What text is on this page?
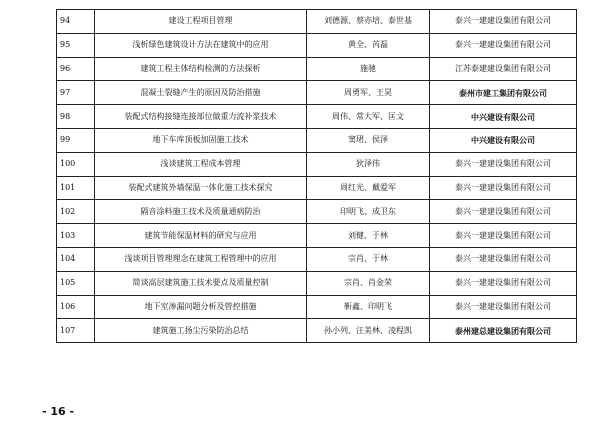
94	建设工程项目管理	刘德源、蔡亦培、泰世基	泰兴一建建设集团有限公司
95	浅析绿色建筑设计方法在建筑中的应用	黄全、芮磊	泰兴一建建设集团有限公司
96	建筑工程主体结构检测的方法探析	施驰	江苏泰建建设集团有限公司
97	混凝土裂缝产生的原因及防治措施	周勇军、王昊	泰州市建工集团有限公司
98	装配式结构接缝连接部位做重力流补浆技术	周伟、常大军、匡文	中兴建设有限公司
99	地下车库顶板加固施工技术	窦珺、侯泽	中兴建设有限公司
100	浅谈建筑工程成本管理	狄泽伟	泰兴一建建设集团有限公司
101	装配式建筑外墙保温一体化施工技术探究	周红光、戴爱军	泰兴一建建设集团有限公司
102	隔音涂料施工技术及质量通病防治	印明飞、成卫东	泰兴一建建设集团有限公司
103	建筑节能保温材料的研究与应用	刘健、于林	泰兴一建建设集团有限公司
104	浅谈项目管理理念在建筑工程管理中的应用	宗肖、于林	泰兴一建建设集团有限公司
105	简谈高层建筑施工技术要点及质量控制	宗肖、肖金荣	泰兴一建建设集团有限公司
106	地下室渗漏问题分析及管控措施	靳鑫、印明飞	泰兴一建建设集团有限公司
107	建筑施工扬尘污染防治总结	孙小列、汪美林、凌程凯	泰州建总建设集团有限公司
- 16 -
